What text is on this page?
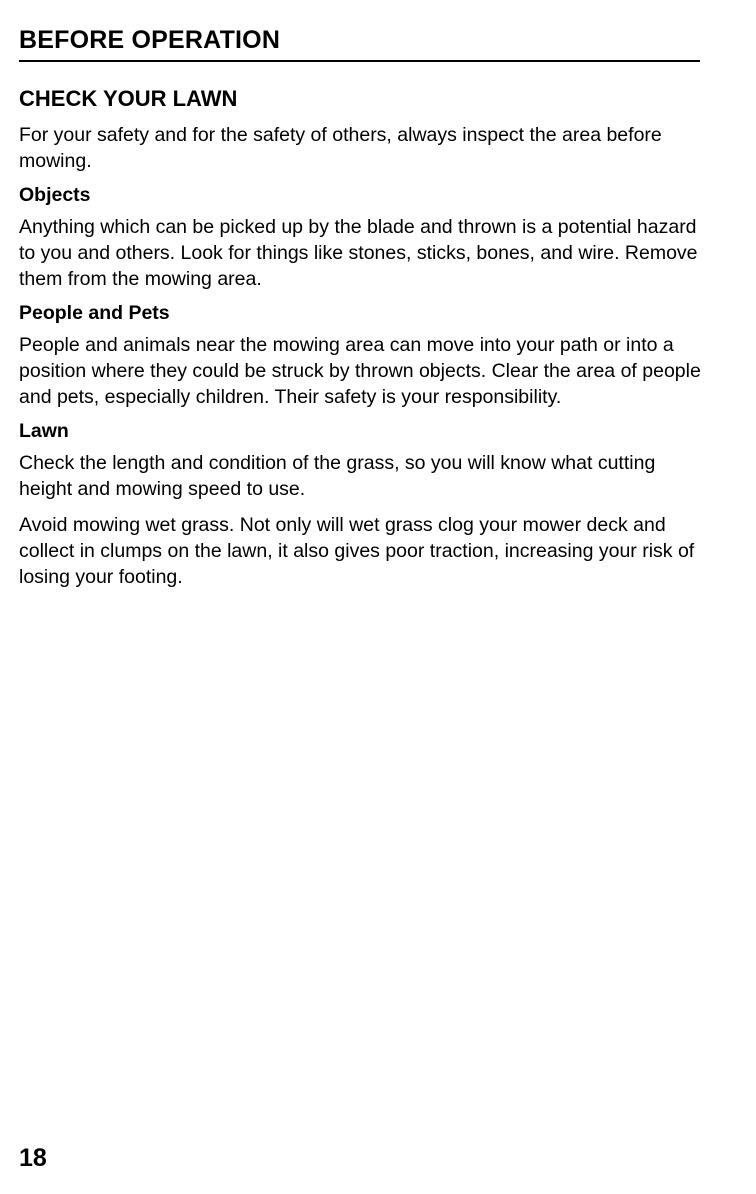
BEFORE OPERATION
CHECK YOUR LAWN

For your safety and for the safety of others, always inspect the area before mowing.

Objects

Anything which can be picked up by the blade and thrown is a potential hazard to you and others. Look for things like stones, sticks, bones, and wire. Remove them from the mowing area.

People and Pets

People and animals near the mowing area can move into your path or into a position where they could be struck by thrown objects. Clear the area of people and pets, especially children. Their safety is your responsibility.

Lawn

Check the length and condition of the grass, so you will know what cutting height and mowing speed to use.

Avoid mowing wet grass. Not only will wet grass clog your mower deck and collect in clumps on the lawn, it also gives poor traction, increasing your risk of losing your footing.

18
